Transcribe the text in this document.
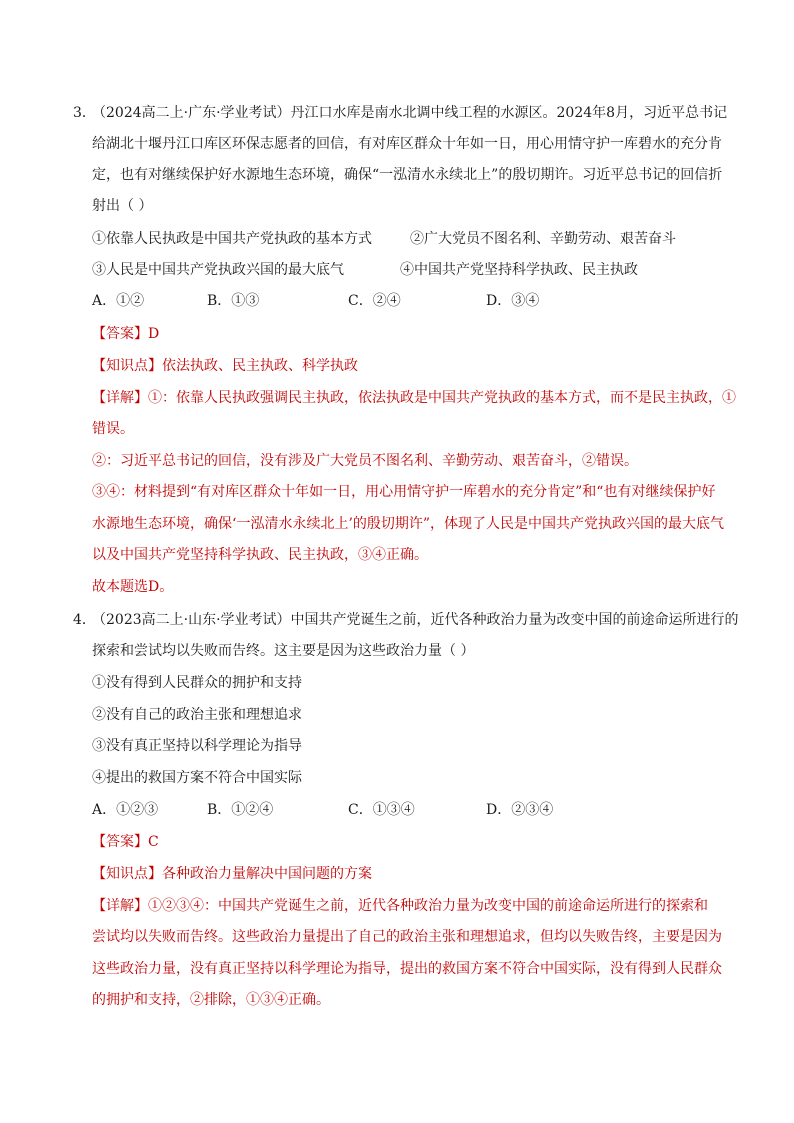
3．
（2024高二上·广东·学业考试）丹江口水库是南水北调中线工程的水源区。2024年8月，习近平总书记
给湖北十堰丹江口库区环保志愿者的回信，有对库区群众十年如一日，用心用情守护一库碧水的充分肯
定，也有对继续保护好水源地生态环境，确保“一泓清水永续北上”的殷切期许。习近平总书记的回信折
射出（ ）
①依靠人民执政是中国共产党执政的基本方式	②广大党员不图名利、辛勤劳动、艰苦奋斗
③人民是中国共产党执政兴国的最大底气	④中国共产党坚持科学执政、民主执政
A．①②	B．①③	C．②④	D．③④
【答案】D
【知识点】依法执政、民主执政、科学执政
【详解】①：依靠人民执政强调民主执政，依法执政是中国共产党执政的基本方式，而不是民主执政，①
错误。
②：习近平总书记的回信，没有涉及广大党员不图名利、辛勤劳动、艰苦奋斗，②错误。
③④：材料提到“有对库区群众十年如一日，用心用情守护一库碧水的充分肯定”和“也有对继续保护好
水源地生态环境，确保‘一泓清水永续北上’的殷切期许”，体现了人民是中国共产党执政兴国的最大底气
以及中国共产党坚持科学执政、民主执政，③④正确。
故本题选D。
4．
（2023高二上·山东·学业考试）中国共产党诞生之前，近代各种政治力量为改变中国的前途命运所进行的
探索和尝试均以失败而告终。这主要是因为这些政治力量（ ）
①没有得到人民群众的拥护和支持
②没有自己的政治主张和理想追求
③没有真正坚持以科学理论为指导
④提出的救国方案不符合中国实际
A．①②③	B．①②④	C．①③④	D．②③④
【答案】C
【知识点】各种政治力量解决中国问题的方案
【详解】①②③④：中国共产党诞生之前，近代各种政治力量为改变中国的前途命运所进行的探索和
尝试均以失败而告终。这些政治力量提出了自己的政治主张和理想追求，但均以失败告终，主要是因为
这些政治力量，没有真正坚持以科学理论为指导，提出的救国方案不符合中国实际，没有得到人民群众
的拥护和支持，②排除，①③④正确。
